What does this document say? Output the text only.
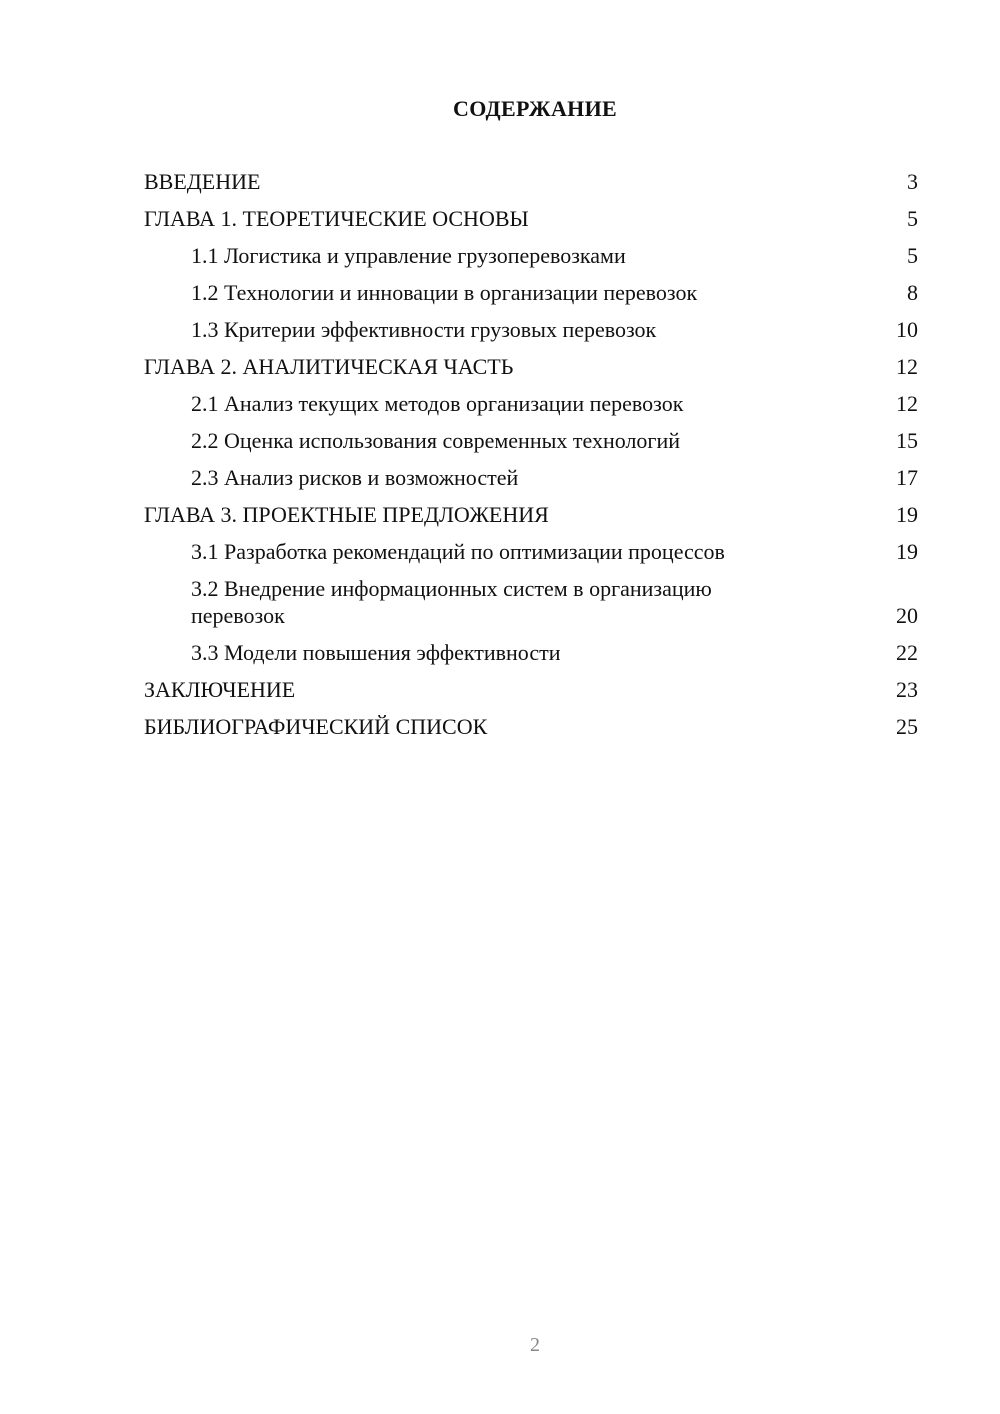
СОДЕРЖАНИЕ
ВВЕДЕНИЕ	3
ГЛАВА 1. ТЕОРЕТИЧЕСКИЕ ОСНОВЫ	5
1.1 Логистика и управление грузоперевозками	5
1.2 Технологии и инновации в организации перевозок	8
1.3 Критерии эффективности грузовых перевозок	10
ГЛАВА 2. АНАЛИТИЧЕСКАЯ ЧАСТЬ	12
2.1 Анализ текущих методов организации перевозок	12
2.2 Оценка использования современных технологий	15
2.3 Анализ рисков и возможностей	17
ГЛАВА 3. ПРОЕКТНЫЕ ПРЕДЛОЖЕНИЯ	19
3.1 Разработка рекомендаций по оптимизации процессов	19
3.2 Внедрение информационных систем в организацию перевозок	20
3.3 Модели повышения эффективности	22
ЗАКЛЮЧЕНИЕ	23
БИБЛИОГРАФИЧЕСКИЙ СПИСОК	25
2
